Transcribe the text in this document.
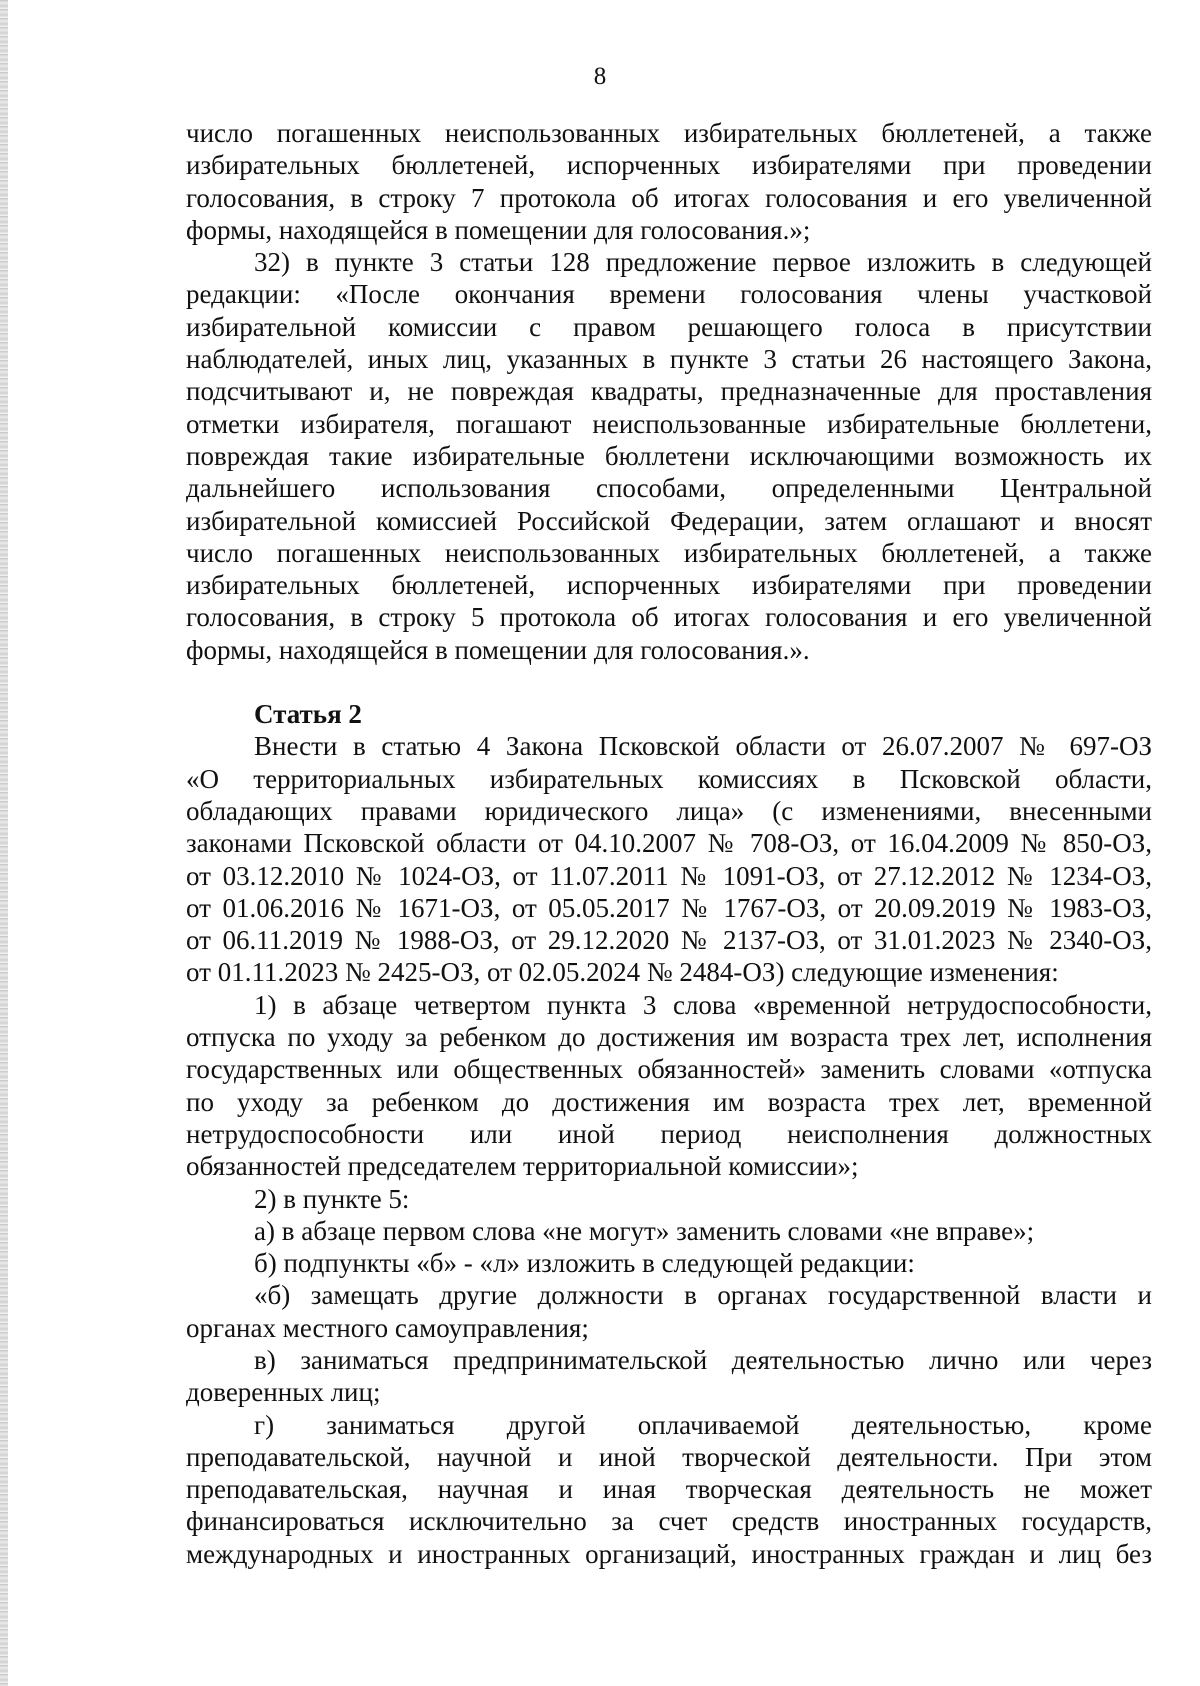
8
число погашенных неиспользованных избирательных бюллетеней, а также
избирательных бюллетеней, испорченных избирателями при проведении
голосования, в строку 7 протокола об итогах голосования и его увеличенной
формы, находящейся в помещении для голосования.»;
32) в пункте 3 статьи 128 предложение первое изложить в следующей
редакции: «После окончания времени голосования члены участковой
избирательной комиссии с правом решающего голоса в присутствии
наблюдателей, иных лиц, указанных в пункте 3 статьи 26 настоящего Закона,
подсчитывают и, не повреждая квадраты, предназначенные для проставления
отметки избирателя, погашают неиспользованные избирательные бюллетени,
повреждая такие избирательные бюллетени исключающими возможность их
дальнейшего использования способами, определенными Центральной
избирательной комиссией Российской Федерации, затем оглашают и вносят
число погашенных неиспользованных избирательных бюллетеней, а также
избирательных бюллетеней, испорченных избирателями при проведении
голосования, в строку 5 протокола об итогах голосования и его увеличенной
формы, находящейся в помещении для голосования.».
Статья 2
Внести в статью 4 Закона Псковской области от 26.07.2007 № 697-ОЗ
«О территориальных избирательных комиссиях в Псковской области,
обладающих правами юридического лица» (с изменениями, внесенными
законами Псковской области от 04.10.2007 № 708-ОЗ, от 16.04.2009 № 850-ОЗ,
от 03.12.2010 № 1024-ОЗ, от 11.07.2011 № 1091-ОЗ, от 27.12.2012 № 1234-ОЗ,
от 01.06.2016 № 1671-ОЗ, от 05.05.2017 № 1767-ОЗ, от 20.09.2019 № 1983-ОЗ,
от 06.11.2019 № 1988-ОЗ, от 29.12.2020 № 2137-ОЗ, от 31.01.2023 № 2340-ОЗ,
от 01.11.2023 № 2425-ОЗ, от 02.05.2024 № 2484-ОЗ) следующие изменения:
1) в абзаце четвертом пункта 3 слова «временной нетрудоспособности,
отпуска по уходу за ребенком до достижения им возраста трех лет, исполнения
государственных или общественных обязанностей» заменить словами «отпуска
по уходу за ребенком до достижения им возраста трех лет, временной
нетрудоспособности или иной период неисполнения должностных
обязанностей председателем территориальной комиссии»;
2) в пункте 5:
а) в абзаце первом слова «не могут» заменить словами «не вправе»;
б) подпункты «б» - «л» изложить в следующей редакции:
«б) замещать другие должности в органах государственной власти и
органах местного самоуправления;
в) заниматься предпринимательской деятельностью лично или через
доверенных лиц;
г) заниматься другой оплачиваемой деятельностью, кроме
преподавательской, научной и иной творческой деятельности. При этом
преподавательская, научная и иная творческая деятельность не может
финансироваться исключительно за счет средств иностранных государств,
международных и иностранных организаций, иностранных граждан и лиц без
